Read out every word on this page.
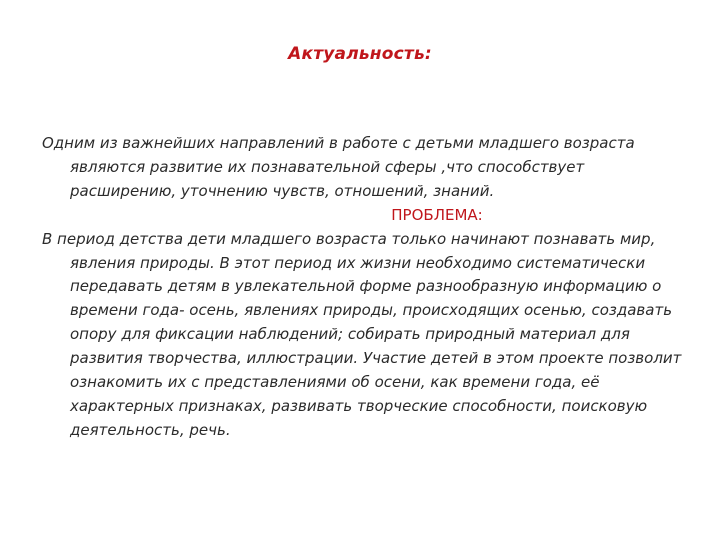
Актуальность:

Одним из важнейших направлений в работе с детьми младшего возраста являются развитие их познавательной сферы ,что способствует расширению, уточнению чувств, отношений, знаний.

ПРОБЛЕМА:

В период детства дети младшего возраста только начинают познавать мир, явления природы. В этот период их жизни необходимо систематически передавать детям в увлекательной форме разнообразную информацию о времени года- осень, явлениях природы, происходящих осенью, создавать опору для фиксации наблюдений; собирать природный материал для развития творчества, иллюстрации. Участие детей в этом проекте позволит ознакомить их с представлениями об осени, как времени года, её характерных признаках, развивать творческие способности, поисковую деятельность, речь.
